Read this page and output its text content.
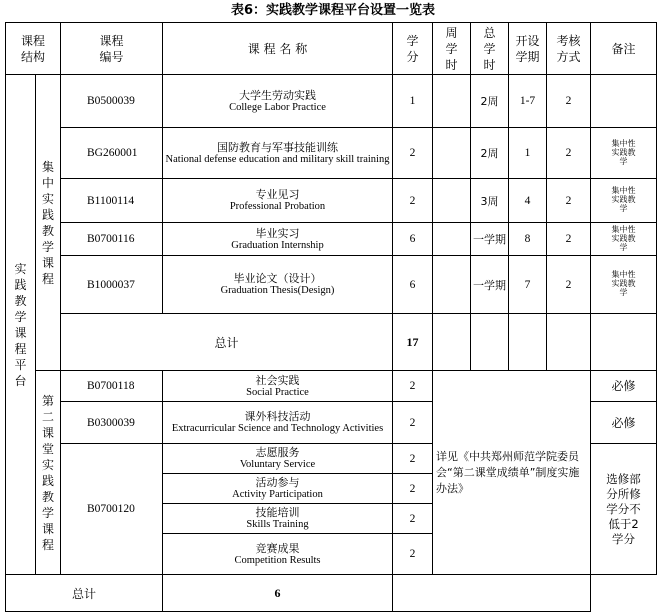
表6：实践教学课程平台设置一览表
课程结构		课程编号	课 程 名 称	学分	周学时	总学时	开设学期	考核方式	备注
实践教学课程平台	集中实践教学课程	B0500039	大学生劳动实践
College Labor Practice	1		2周	1-7	2	
		BG260001	国防教育与军事技能训练
National defense education and military skill training	2		2周	1	2	集中性实践教学
		B1100114	专业见习
Professional Probation	2		3周	4	2	集中性实践教学
		B0700116	毕业实习
Graduation Internship	6		一学期	8	2	集中性实践教学
		B1000037	毕业论文（设计）
Graduation Thesis(Design)	6		一学期	7	2	集中性实践教学
		总计		17					
	第二课堂实践教学课程	B0700118	社会实践
Social Practice	2	详见《中共郑州师范学院委员会“第二课堂成绩单”制度实施办法》				必修
		B0300039	课外科技活动
Extracurricular Science and Technology Activities	2					必修
		B0700120	志愿服务
Voluntary Service	2					选修部分所修学分不低于2学分

			活动参与
Activity Participation	2					

			技能培训
Skills Training	2					

			竞赛成果
Competition Results	2					
总计			6						
